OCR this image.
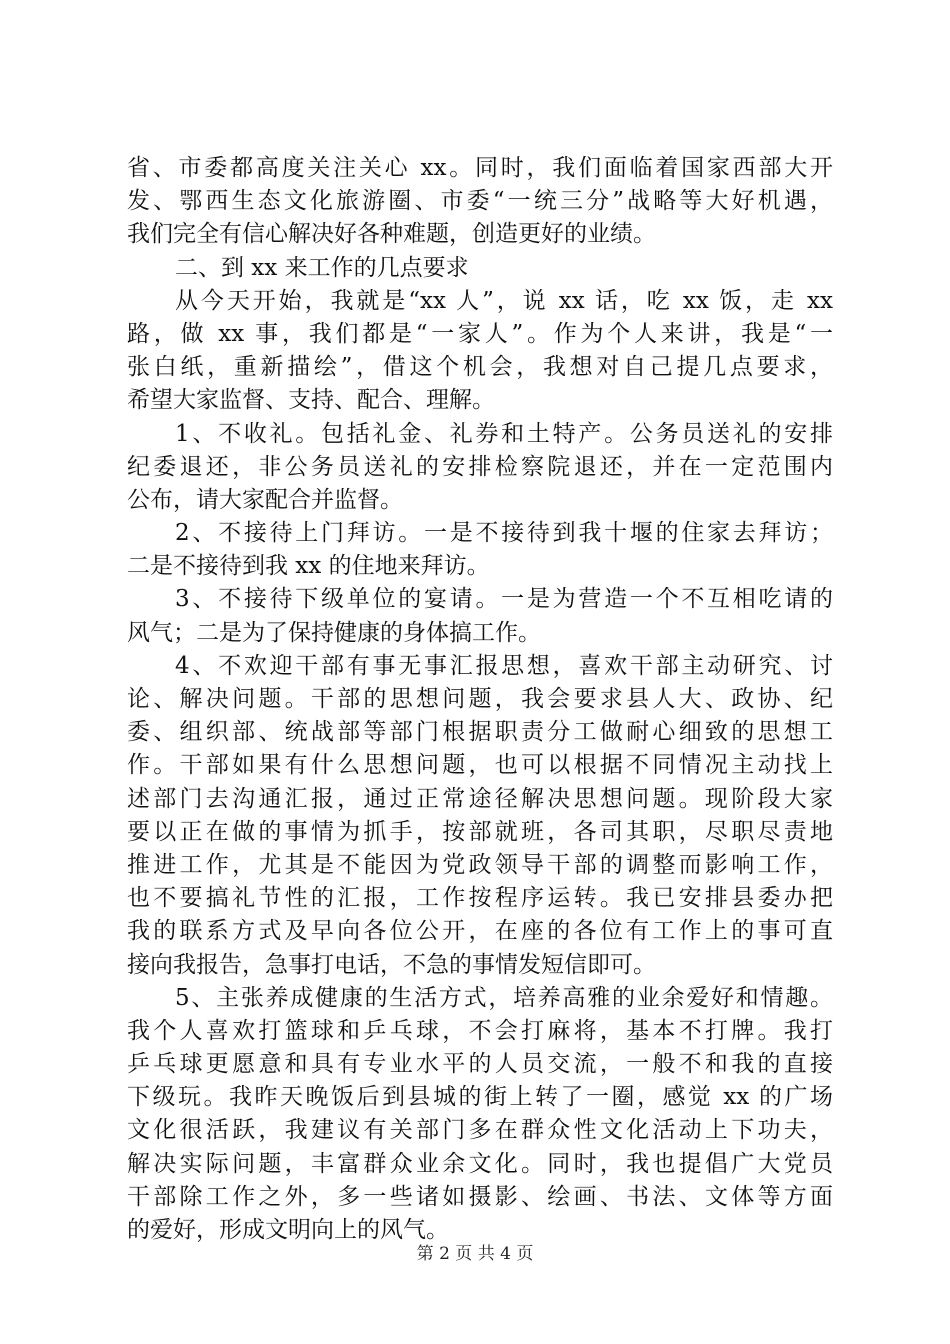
省、市委都高度关注关心 xx。同时，我们面临着国家西部大开
发、鄂西生态文化旅游圈、市委“一统三分”战略等大好机遇，
我们完全有信心解决好各种难题，创造更好的业绩。
二、到 xx 来工作的几点要求
从今天开始，我就是“xx 人”，说 xx 话，吃 xx 饭，走 xx
路，做 xx 事，我们都是“一家人”。作为个人来讲，我是“一
张白纸，重新描绘”，借这个机会，我想对自己提几点要求，
希望大家监督、支持、配合、理解。
1、不收礼。包括礼金、礼券和土特产。公务员送礼的安排
纪委退还，非公务员送礼的安排检察院退还，并在一定范围内
公布，请大家配合并监督。
2、不接待上门拜访。一是不接待到我十堰的住家去拜访；
二是不接待到我 xx 的住地来拜访。
3、不接待下级单位的宴请。一是为营造一个不互相吃请的
风气；二是为了保持健康的身体搞工作。
4、不欢迎干部有事无事汇报思想，喜欢干部主动研究、讨
论、解决问题。干部的思想问题，我会要求县人大、政协、纪
委、组织部、统战部等部门根据职责分工做耐心细致的思想工
作。干部如果有什么思想问题，也可以根据不同情况主动找上
述部门去沟通汇报，通过正常途径解决思想问题。现阶段大家
要以正在做的事情为抓手，按部就班，各司其职，尽职尽责地
推进工作，尤其是不能因为党政领导干部的调整而影响工作，
也不要搞礼节性的汇报，工作按程序运转。我已安排县委办把
我的联系方式及早向各位公开，在座的各位有工作上的事可直
接向我报告，急事打电话，不急的事情发短信即可。
5、主张养成健康的生活方式，培养高雅的业余爱好和情趣。
我个人喜欢打篮球和乒乓球，不会打麻将，基本不打牌。我打
乒乓球更愿意和具有专业水平的人员交流，一般不和我的直接
下级玩。我昨天晚饭后到县城的街上转了一圈，感觉 xx 的广场
文化很活跃，我建议有关部门多在群众性文化活动上下功夫，
解决实际问题，丰富群众业余文化。同时，我也提倡广大党员
干部除工作之外，多一些诸如摄影、绘画、书法、文体等方面
的爱好，形成文明向上的风气。
第 2 页 共 4 页
